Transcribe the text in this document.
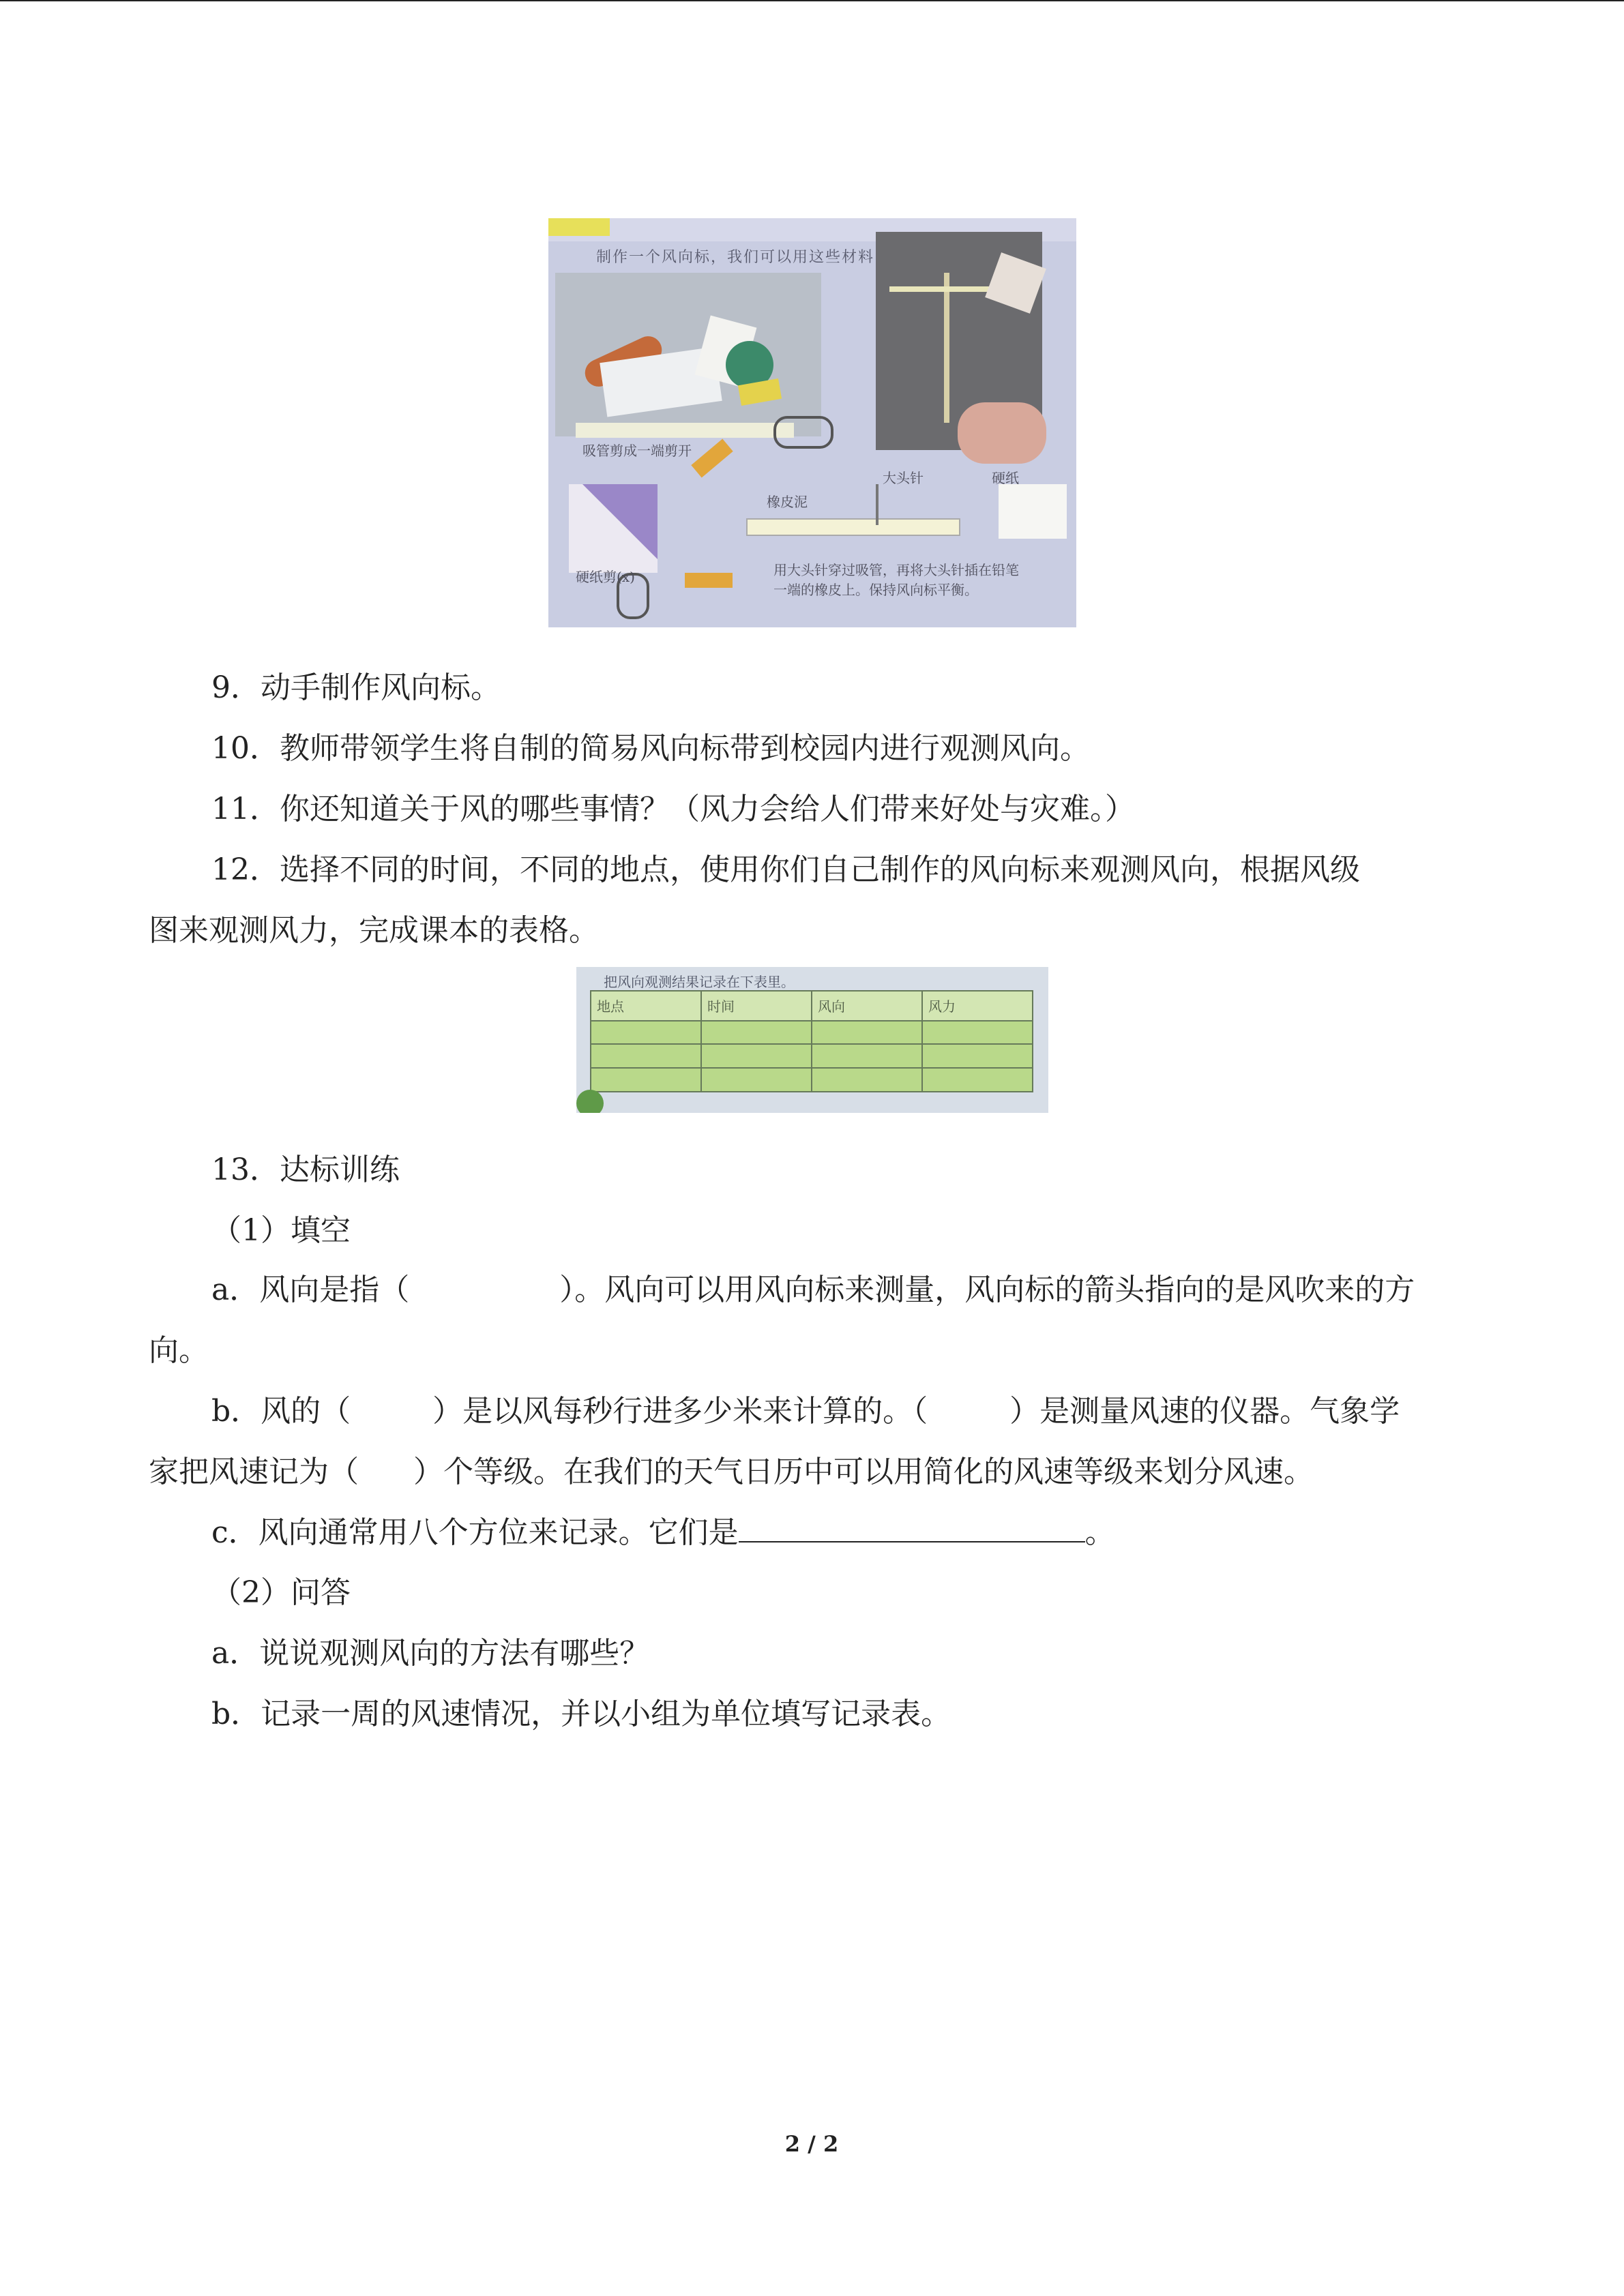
制作一个风向标，我们可以用这些材料
吸管剪成一端剪开
大头针
橡皮泥
硬纸
硬纸剪(x)	用大头针穿过吸管，再将大头针插在铅笔一端的橡皮上。保持风向标平衡。
9．动手制作风向标。
10．教师带领学生将自制的简易风向标带到校园内进行观测风向。
11．你还知道关于风的哪些事情？（风力会给人们带来好处与灾难。）
12．选择不同的时间，不同的地点，使用你们自己制作的风向标来观测风向，根据风级
图来观测风力，完成课本的表格。
把风向观测结果记录在下表里。
地点	时间	风向	风力

13．达标训练
（1）填空
a．风向是指（	）。风向可以用风向标来测量，风向标的箭头指向的是风吹来的方
向。
b．风的（	）是以风每秒行进多少米来计算的。（	）是测量风速的仪器。气象学
家把风速记为（ ）个等级。在我们的天气日历中可以用简化的风速等级来划分风速。
c．风向通常用八个方位来记录。它们是	。
（2）问答
a．说说观测风向的方法有哪些？
b．记录一周的风速情况，并以小组为单位填写记录表。
2 / 2
